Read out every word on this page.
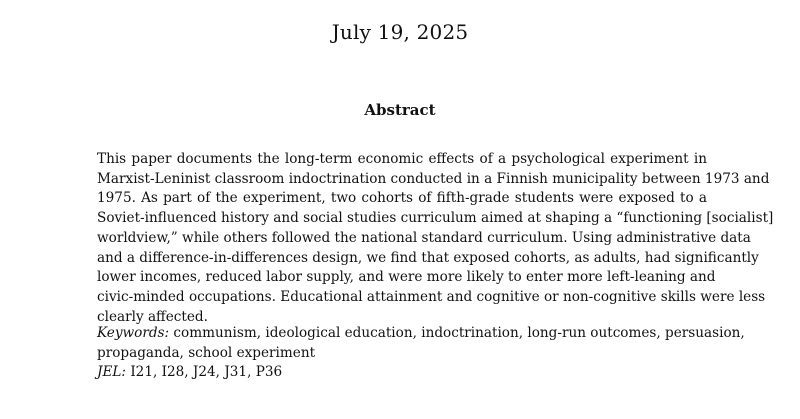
July 19, 2025
Abstract
This paper documents the long-term economic effects of a psychological experiment in
Marxist-Leninist classroom indoctrination conducted in a Finnish municipality between 1973 and
1975. As part of the experiment, two cohorts of fifth-grade students were exposed to a
Soviet-influenced history and social studies curriculum aimed at shaping a “functioning [socialist]
worldview,” while others followed the national standard curriculum. Using administrative data
and a difference-in-differences design, we find that exposed cohorts, as adults, had significantly
lower incomes, reduced labor supply, and were more likely to enter more left-leaning and
civic-minded occupations. Educational attainment and cognitive or non-cognitive skills were less
clearly affected.
Keywords: communism, ideological education, indoctrination, long-run outcomes, persuasion,
propaganda, school experiment
JEL: I21, I28, J24, J31, P36
